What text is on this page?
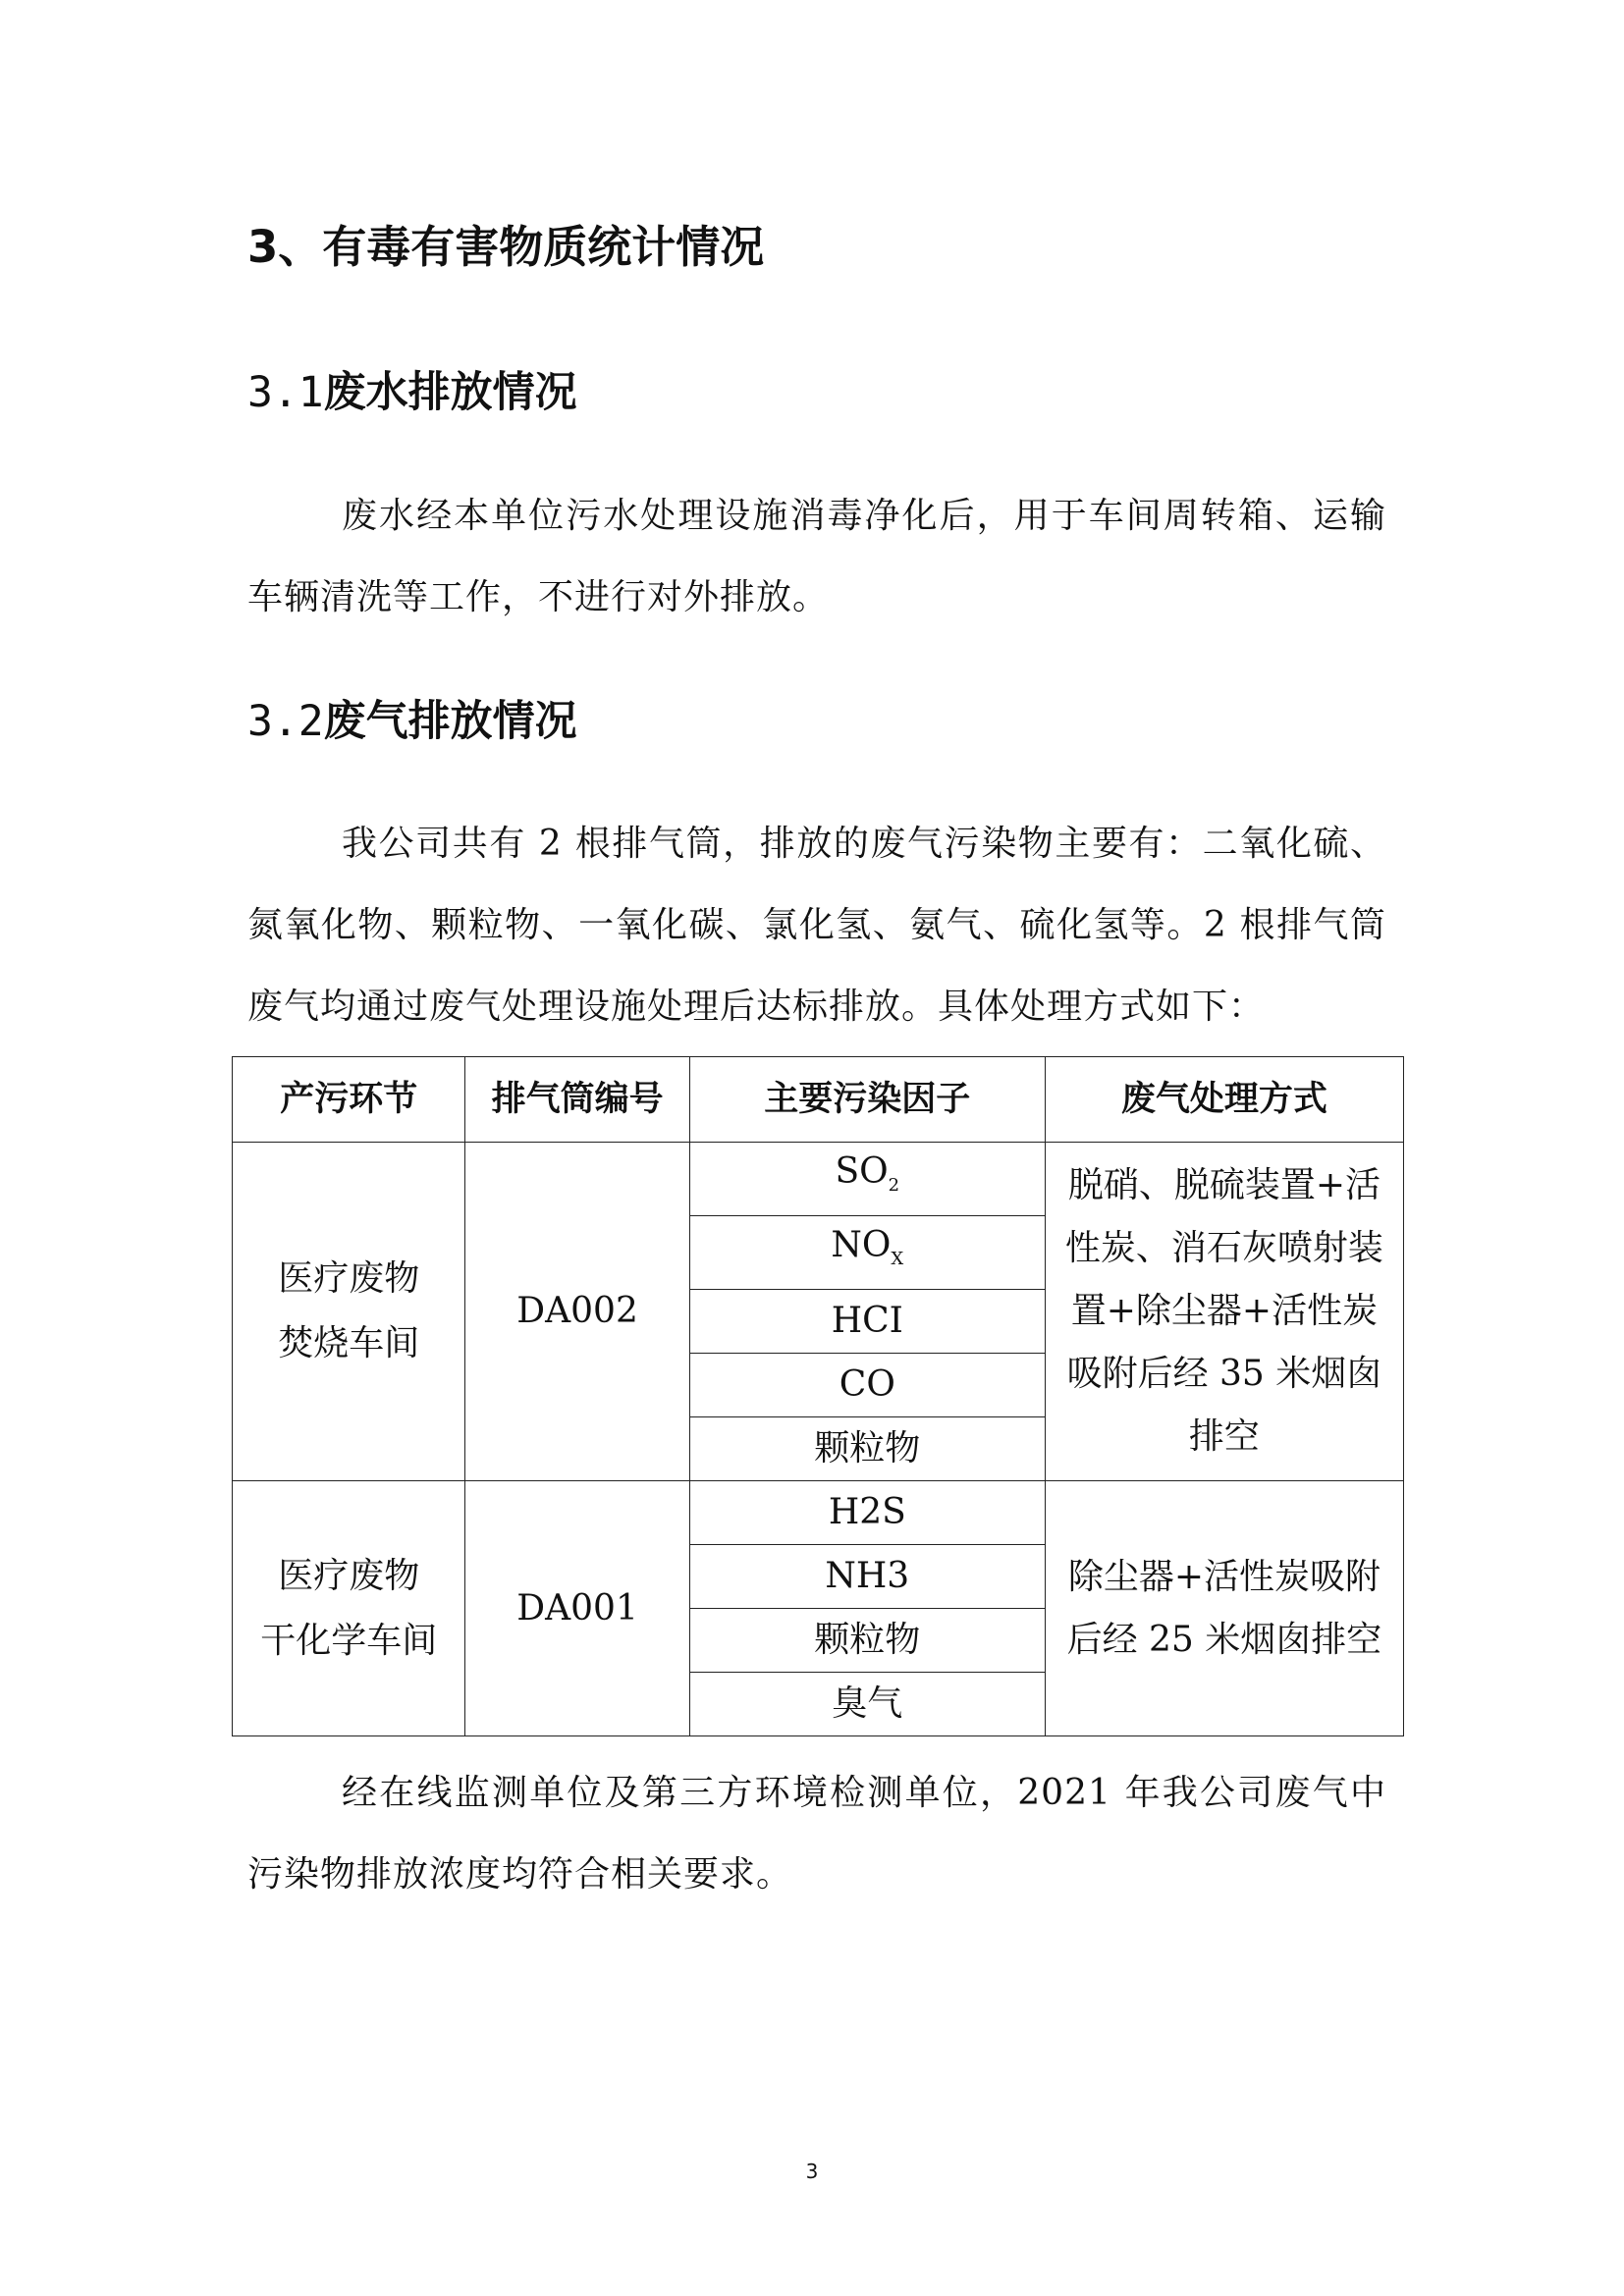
3、有毒有害物质统计情况
3.1废水排放情况

废水经本单位污水处理设施消毒净化后，用于车间周转箱、运输车辆清洗等工作，不进行对外排放。

3.2废气排放情况

我公司共有 2 根排气筒，排放的废气污染物主要有：二氧化硫、氮氧化物、颗粒物、一氧化碳、氯化氢、氨气、硫化氢等。2 根排气筒废气均通过废气处理设施处理后达标排放。具体处理方式如下：

产污环节	排气筒编号	主要污染因子	废气处理方式
医疗废物
焚烧车间	DA002	$SO_2$	脱硝、脱硫装置+活性炭、消石灰喷射装置+除尘器+活性炭吸附后经 35 米烟囱排空
		$NO_X$
		HCI	
		CO	
		颗粒物	
医疗废物
干化学车间	DA001	H2S	除尘器+活性炭吸附后经 25 米烟囱排空
		NH3	
		颗粒物	
		臭气	

经在线监测单位及第三方环境检测单位，2021 年我公司废气中污染物排放浓度均符合相关要求。

3
